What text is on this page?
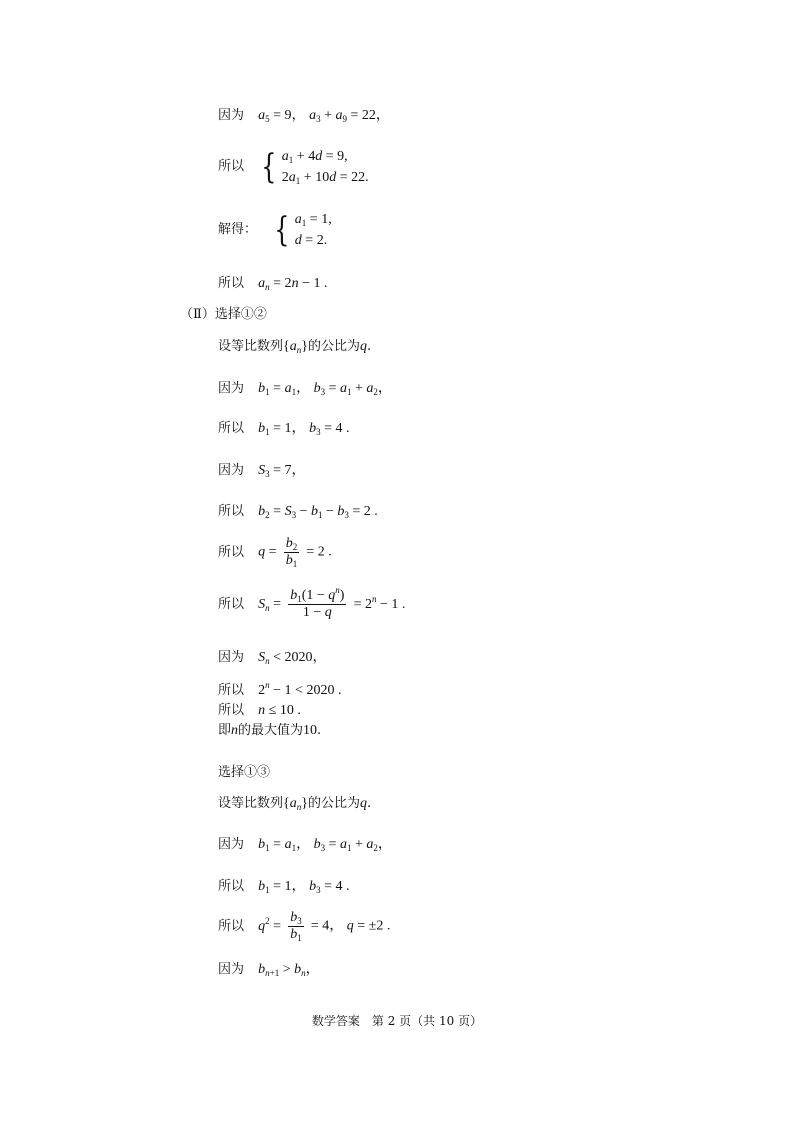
因为 $a_5 = 9$， $a_3 + a_9 = 22$，
所以 { $a_1 + 4d = 9$,
$2a_1 + 10d = 22$.
解得： { $a_1 = 1$,
d = 2.
所以 $a_n = 2n - 1$ .
（Ⅱ）选择①②
设等比数列$\{a_n\}$的公比为q.
因为 $b_1 = a_1$， $b_3 = a_1 + a_2$，
所以 $b_1 = 1$， $b_3 = 4$ .
因为 $S_3 = 7$，
所以 $b_2 = S_3 - b_1 - b_3 = 2$ .
所以 $q = \frac{b_2}{b_1} = 2$ .
所以 $S_n = \frac{b_1(1 - q^n)}{1 - q} = 2^n - 1$ .
因为 $S_n < 2020$，
所以 $2^n - 1 < 2020$ .
所以 n ≤ 10 .
即n的最大值为10.
选择①③
设等比数列$\{a_n\}$的公比为q.
因为 $b_1 = a_1$， $b_3 = a_1 + a_2$，
所以 $b_1 = 1$， $b_3 = 4$ .
所以 $q^2 = \frac{b_3}{b_1} = 4$， q = ±2 .
因为 $b_{n+1} > b_n$，
数学答案　第 2 页（共 10 页）
